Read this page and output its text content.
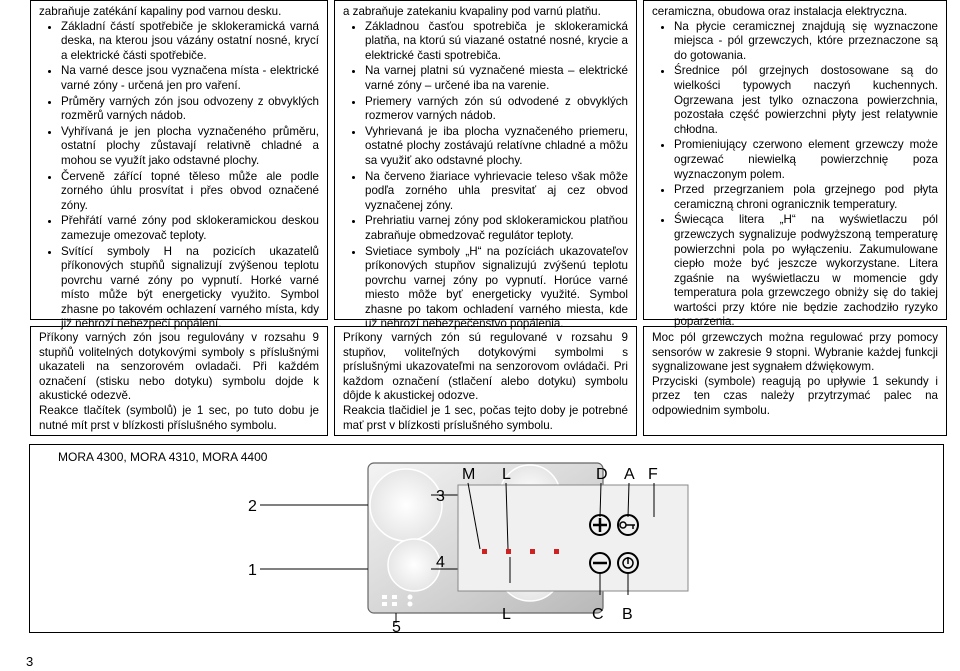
zabraňuje zatékání kapaliny pod varnou desku.

• Základní částí spotřebiče je sklokeramická varná deska, na kterou jsou vázány ostatní nosné, krycí a elektrické části spotřebiče.
• Na varné desce jsou vyznačena místa - elektrické varné zóny - určená jen pro vaření.
• Průměry varných zón jsou odvozeny z obvyklých rozměrů varných nádob.
• Vyhřívaná je jen plocha vyznačeného průměru, ostatní plochy zůstavají relativně chladné a mohou se využít jako odstavné plochy.
• Červeně zářící topné těleso může ale podle zorného úhlu prosvítat i přes obvod označené zóny.
• Přehřátí varné zóny pod sklokeramickou deskou zamezuje omezovač teploty.
• Svítící symboly H na pozicích ukazatelů příkonových stupňů signalizují zvýšenou teplotu povrchu varné zóny po vypnutí. Horké varné místo může být energeticky využito. Symbol zhasne po takovém ochlazení varného místa, kdy již nehrozí nebezpečí popálení.

Příkony varných zón jsou regulovány v rozsahu 9 stupňů volitelných dotykovými symboly s příslušnými ukazateli na senzorovém ovladači. Při každém označení (stisku nebo dotyku) symbolu dojde k akustické odezvě.

Reakce tlačítek (symbolů) je 1 sec, po tuto dobu je nutné mít prst v blízkosti příslušného symbolu.

a zabraňuje zatekaniu kvapaliny pod varnú platňu.

• Základnou časťou spotrebiča je sklokeramická platňa, na ktorú sú viazané ostatné nosné, krycie a elektrické časti spotrebiča.
• Na varnej platni sú vyznačené miesta – elektrické varné zóny – určené iba na varenie.
• Priemery varných zón sú odvodené z obvyklých rozmerov varných nádob.
• Vyhrievaná je iba plocha vyznačeného priemeru, ostatné plochy zostávajú relatívne chladné a môžu sa využiť ako odstavné plochy.
• Na červeno žiariace vyhrievacie teleso však môže podľa zorného uhla presvitať aj cez obvod vyznačenej zóny.
• Prehriatiu varnej zóny pod sklokeramickou platňou zabraňuje obmedzovač regulátor teploty.
• Svietiace symboly „H“ na pozíciách ukazovateľov príkonových stupňov signalizujú zvýšenú teplotu povrchu varnej zóny po vypnutí. Horúce varné miesto môže byť energeticky využité. Symbol zhasne po takom ochladení varného miesta, kde už nehrozí nebezpečenstvo popálenia.

Príkony varných zón sú regulované v rozsahu 9 stupňov, voliteľných dotykovými symbolmi s príslušnými ukazovateľmi na senzorovom ovládači. Pri každom označení (stlačení alebo dotyku) symbolu dôjde k akustickej odozve.

Reakcia tlačidiel je 1 sec, počas tejto doby je potrebné mať prst v blízkosti príslušného symbolu.

ceramiczna, obudowa oraz instalacja elektryczna.

• Na płycie ceramicznej znajdują się wyznaczone miejsca - pól grzewczych, które przeznaczone są do gotowania.
• Średnice pól grzejnych dostosowane są do wielkości typowych naczyń kuchennych. Ogrzewana jest tylko oznaczona powierzchnia, pozostała część powierzchni płyty jest relatywnie chłodna.
• Promieniujący czerwono element grzewczy może ogrzewać niewielką powierzchnię poza wyznaczonym polem.
• Przed przegrzaniem pola grzejnego pod płyta ceramiczną chroni ogranicznik temperatury.
• Świecąca litera „H“ na wyświetlaczu pól grzewczych sygnalizuje podwyższoną temperaturę powierzchni pola po wyłączeniu. Zakumulowane ciepło może być jeszcze wykorzystane. Litera zgaśnie na wyświetlaczu w momencie gdy temperatura pola grzewczego obniży się do takiej wartości przy które nie będzie zachodziło ryzyko poparzenia.

Moc pól grzewczych można regulować przy pomocy sensorów w zakresie 9 stopni. Wybranie każdej funkcji sygnalizowane jest sygnałem dźwiękowym.

Przyciski (symbole) reagują po upływie 1 sekundy i przez ten czas należy przytrzymać palec na odpowiednim symbolu.

MORA 4300, MORA 4310, MORA 4400
2
3
1	4
5
M L	D A F
L	C B
3
